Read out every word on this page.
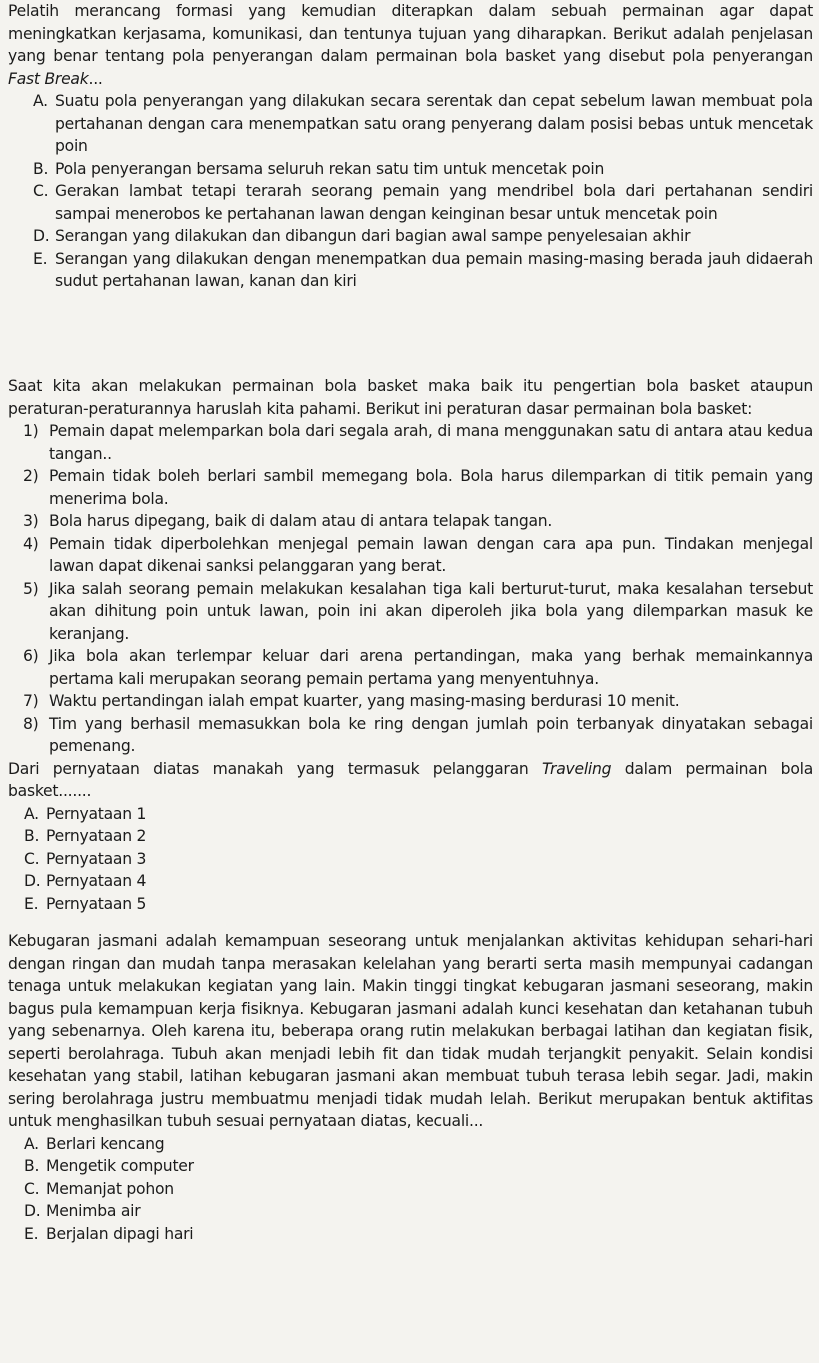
Pelatih merancang formasi yang kemudian diterapkan dalam sebuah permainan agar dapat meningkatkan kerjasama, komunikasi, dan tentunya tujuan yang diharapkan. Berikut adalah penjelasan yang benar tentang pola penyerangan dalam permainan bola basket yang disebut pola penyerangan Fast Break...

A. Suatu pola penyerangan yang dilakukan secara serentak dan cepat sebelum lawan membuat pola pertahanan dengan cara menempatkan satu orang penyerang dalam posisi bebas untuk mencetak poin
B. Pola penyerangan bersama seluruh rekan satu tim untuk mencetak poin
C. Gerakan lambat tetapi terarah seorang pemain yang mendribel bola dari pertahanan sendiri sampai menerobos ke pertahanan lawan dengan keinginan besar untuk mencetak poin
D. Serangan yang dilakukan dan dibangun dari bagian awal sampe penyelesaian akhir
E. Serangan yang dilakukan dengan menempatkan dua pemain masing-masing berada jauh didaerah sudut pertahanan lawan, kanan dan kiri

Saat kita akan melakukan permainan bola basket maka baik itu pengertian bola basket ataupun peraturan-peraturannya haruslah kita pahami. Berikut ini peraturan dasar permainan bola basket:

1) Pemain dapat melemparkan bola dari segala arah, di mana menggunakan satu di antara atau kedua tangan..
2) Pemain tidak boleh berlari sambil memegang bola. Bola harus dilemparkan di titik pemain yang menerima bola.
3) Bola harus dipegang, baik di dalam atau di antara telapak tangan.
4) Pemain tidak diperbolehkan menjegal pemain lawan dengan cara apa pun. Tindakan menjegal lawan dapat dikenai sanksi pelanggaran yang berat.
5) Jika salah seorang pemain melakukan kesalahan tiga kali berturut-turut, maka kesalahan tersebut akan dihitung poin untuk lawan, poin ini akan diperoleh jika bola yang dilemparkan masuk ke keranjang.
6) Jika bola akan terlempar keluar dari arena pertandingan, maka yang berhak memainkannya pertama kali merupakan seorang pemain pertama yang menyentuhnya.
7) Waktu pertandingan ialah empat kuarter, yang masing-masing berdurasi 10 menit.
8) Tim yang berhasil memasukkan bola ke ring dengan jumlah poin terbanyak dinyatakan sebagai pemenang.

Dari pernyataan diatas manakah yang termasuk pelanggaran Traveling dalam permainan bola basket.......

A. Pernyataan 1
B. Pernyataan 2
C. Pernyataan 3
D. Pernyataan 4
E. Pernyataan 5

Kebugaran jasmani adalah kemampuan seseorang untuk menjalankan aktivitas kehidupan sehari-hari dengan ringan dan mudah tanpa merasakan kelelahan yang berarti serta masih mempunyai cadangan tenaga untuk melakukan kegiatan yang lain. Makin tinggi tingkat kebugaran jasmani seseorang, makin bagus pula kemampuan kerja fisiknya. Kebugaran jasmani adalah kunci kesehatan dan ketahanan tubuh yang sebenarnya. Oleh karena itu, beberapa orang rutin melakukan berbagai latihan dan kegiatan fisik, seperti berolahraga. Tubuh akan menjadi lebih fit dan tidak mudah terjangkit penyakit. Selain kondisi kesehatan yang stabil, latihan kebugaran jasmani akan membuat tubuh terasa lebih segar. Jadi, makin sering berolahraga justru membuatmu menjadi tidak mudah lelah. Berikut merupakan bentuk aktifitas untuk menghasilkan tubuh sesuai pernyataan diatas, kecuali...

A. Berlari kencang
B. Mengetik computer
C. Memanjat pohon
D. Menimba air
E. Berjalan dipagi hari
